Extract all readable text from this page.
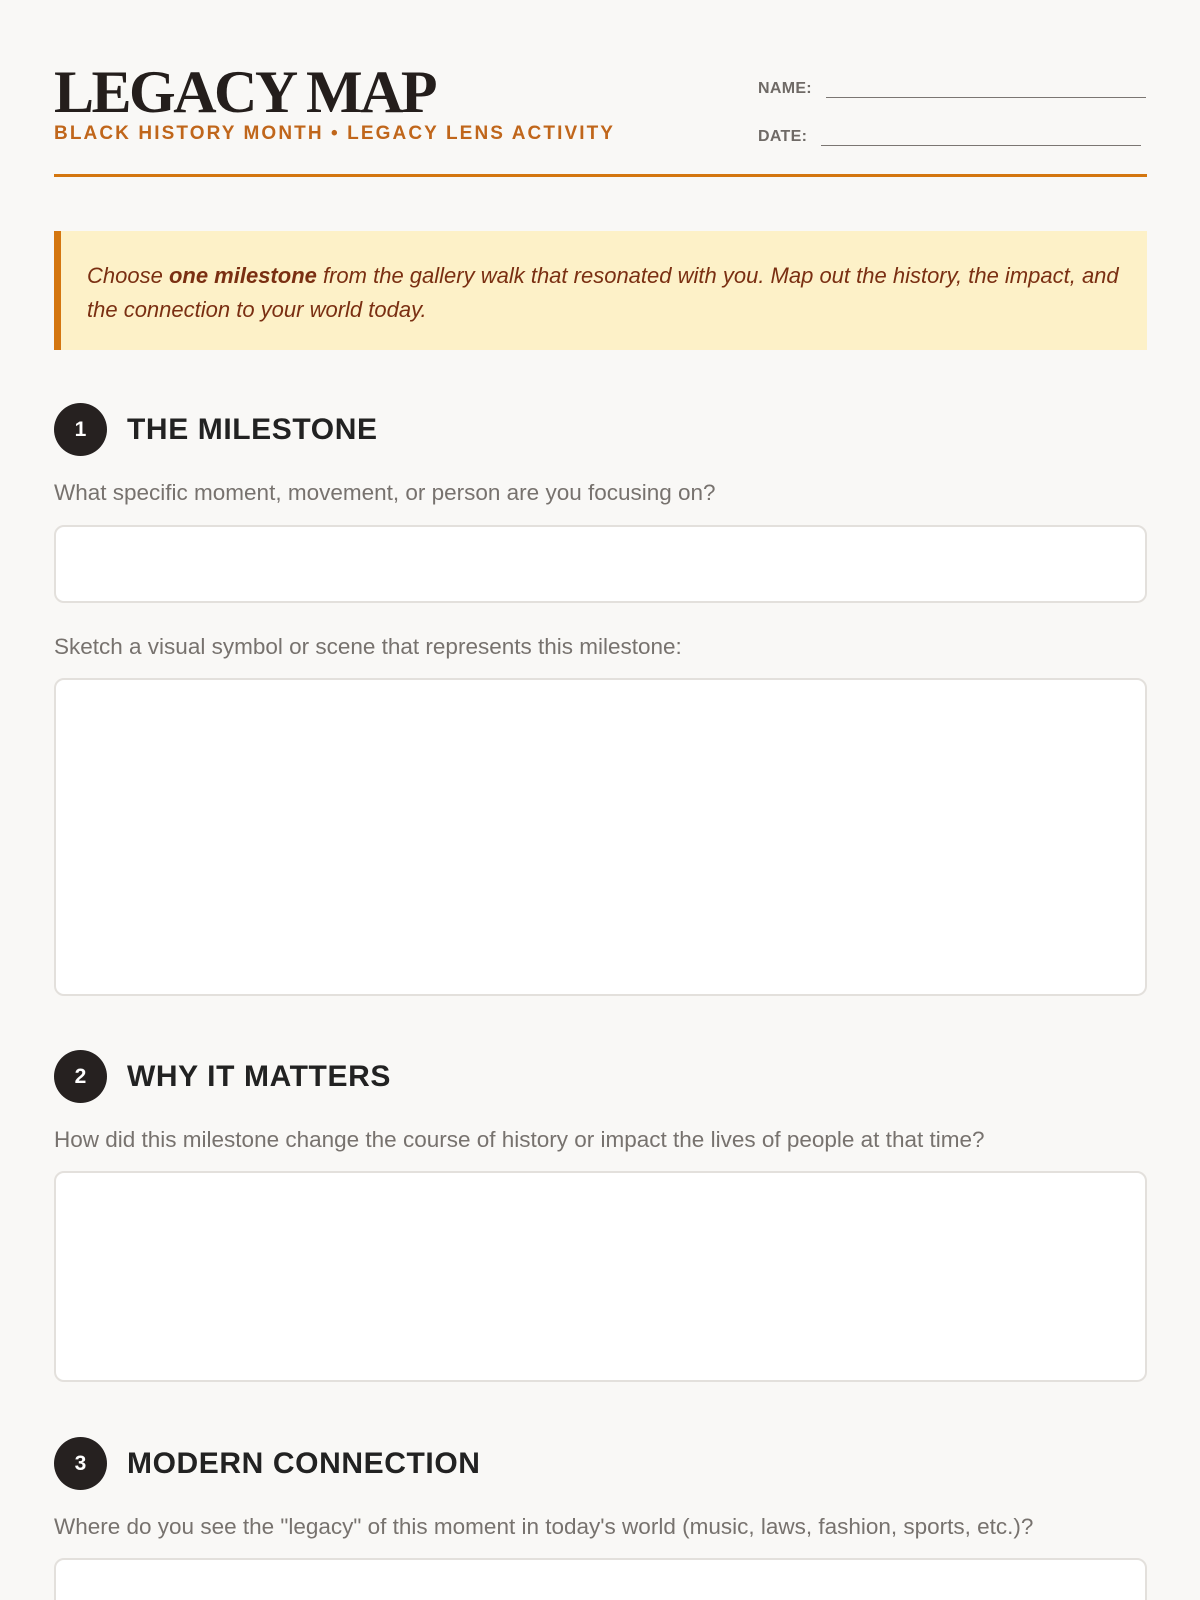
LEGACY MAP
BLACK HISTORY MONTH • LEGACY LENS ACTIVITY
NAME:
DATE:
Choose one milestone from the gallery walk that resonated with you. Map out the history, the impact, and the connection to your world today.
1	THE MILESTONE
What specific moment, movement, or person are you focusing on?
Sketch a visual symbol or scene that represents this milestone:
2	WHY IT MATTERS
How did this milestone change the course of history or impact the lives of people at that time?
3	MODERN CONNECTION
Where do you see the "legacy" of this moment in today's world (music, laws, fashion, sports, etc.)?
